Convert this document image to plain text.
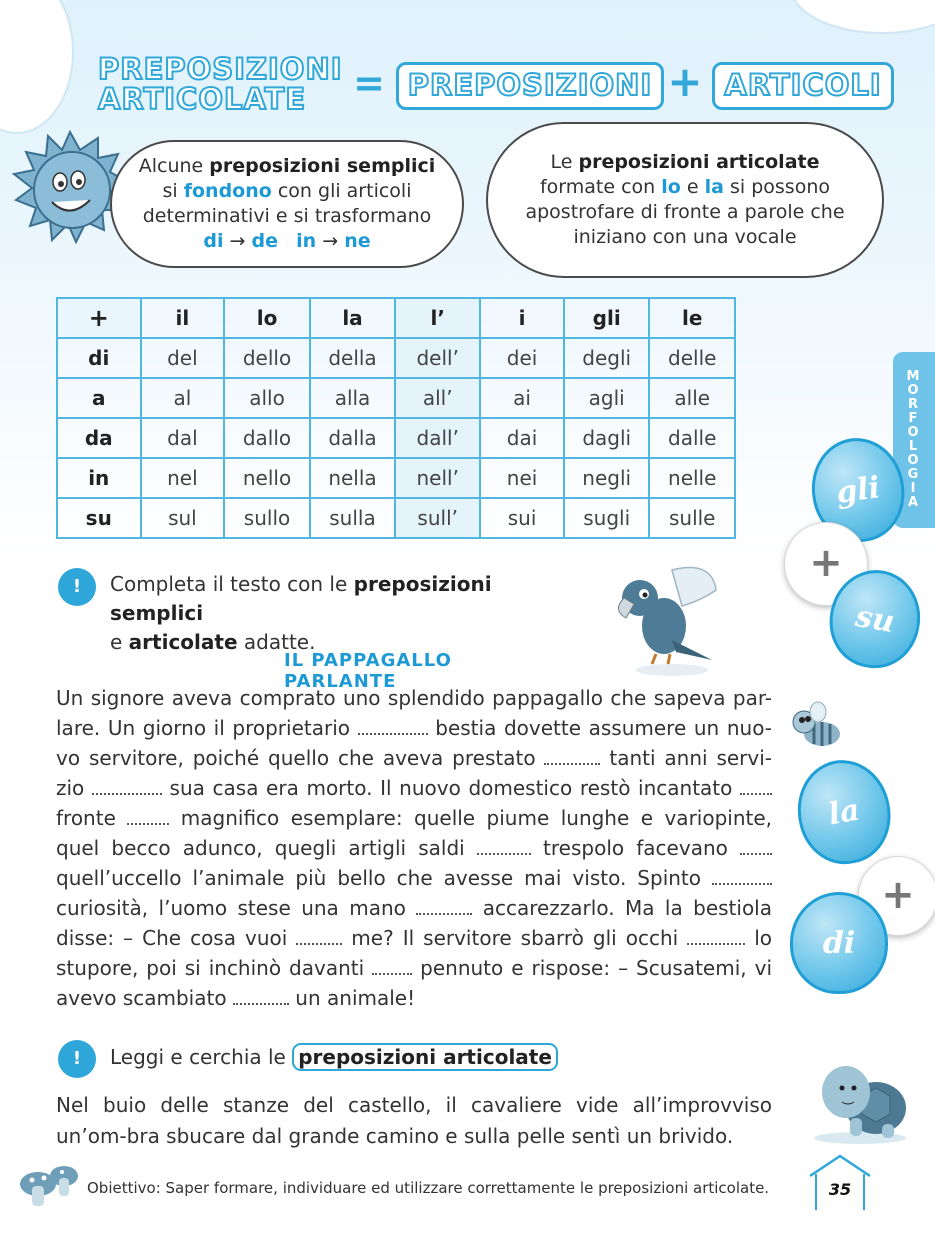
PREPOSIZIONI
ARTICOLATE	= PREPOSIZIONI + ARTICOLI
Alcune preposizioni semplici
si fondono con gli articoli
determinativi e si trasformano
di → de in → ne
Le preposizioni articolate
formate con lo e la si possono
apostrofare di fronte a parole che
iniziano con una vocale
+	il	lo	la	l’	i	gli	le
di	del	dello	della	dell’	dei	degli	delle
a	al	allo	alla	all’	ai	agli	alle
da	dal	dallo	dalla	dall’	dai	dagli	dalle
in	nel	nello	nella	nell’	nei	negli	nelle
su	sul	sullo	sulla	sull’	sui	sugli	sulle
M
O
R
F
O
L
O
G
I
A
gli
+
su
la
+
di
!	Completa il testo con le preposizioni semplici
e articolate adatte.
IL PAPPAGALLO PARLANTE
Un signore aveva comprato uno splendido pappagallo che sapeva par-lare. Un giorno il proprietario	bestia dovette assumere un nuo-vo servitore, poiché quello che aveva prestato	tanti anni servi-zio	sua casa era morto. Il nuovo domestico restò incantato  fronte	magnifico esemplare: quelle piume lunghe e variopinte, quel becco adunco, quegli artigli saldi	trespolo facevano  quell’uccello l’animale più bello che avesse mai visto. Spinto  curiosità, l’uomo stese una mano	accarezzarlo. Ma la bestiola disse: – Che cosa vuoi	me? Il servitore sbarrò gli occhi	lo stupore, poi si inchinò davanti	pennuto e rispose: – Scusatemi, vi avevo scambiato	un animale!
!	Leggi e cerchia le preposizioni articolate
Nel buio delle stanze del castello, il cavaliere vide all’improvviso un’om-bra sbucare dal grande camino e sulla pelle sentì un brivido.
Obiettivo: Saper formare, individuare ed utilizzare correttamente le preposizioni articolate.	35
